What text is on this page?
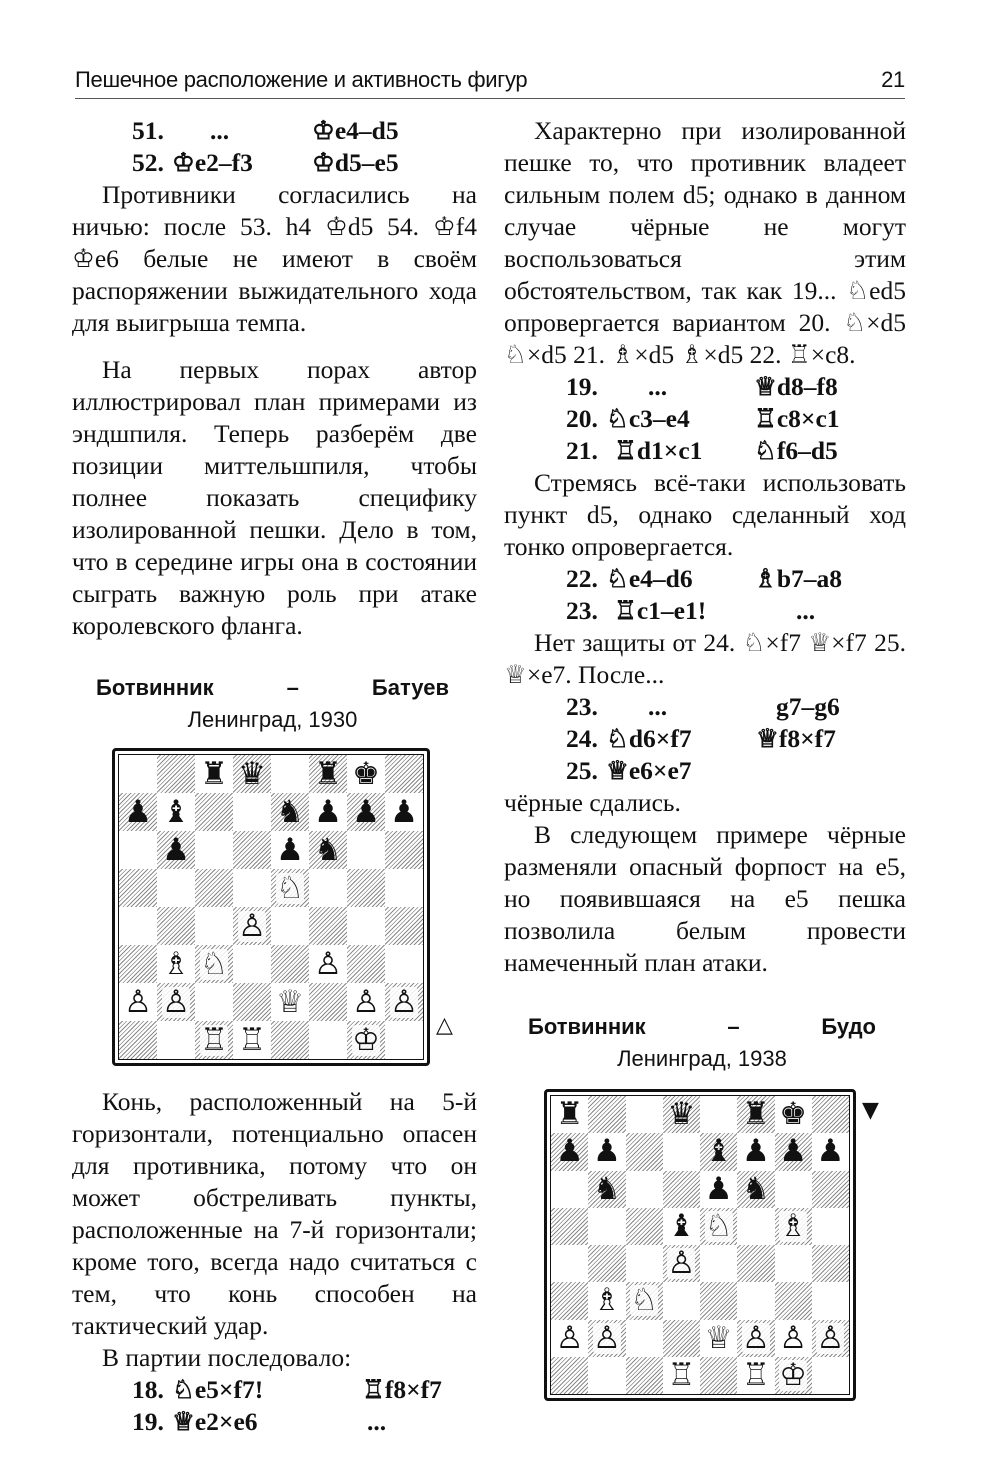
Пешечное расположение и активность фигур	21
51.	...	♔e4–d5
52. ♔e2–f3	♔d5–e5

Противники согласились на ничью: после 53. h4 ♔d5 54. ♔f4 ♔e6 белые не имеют в своём распоряжении выжидательного хода для выигрыша темпа.

На первых порах автор иллюстрировал план примерами из эндшпиля. Теперь разберём две позиции миттельшпиля, чтобы полнее показать специфику изолированной пешки. Дело в том, что в середине игры она в состоянии сыграть важную роль при атаке королевского фланга.

Ботвинник	–	Батуев
Ленинград, 1930
♜ ♛ ♜ ♚
♟ ♝	♞ ♟ ♟ ♟
♟	♟ ♞
♘
♙
♗ ♘	♙
♙ ♙	♕ ♙ ♙
♖ ♖	♔	△

Конь, расположенный на 5-й горизонтали, потенциально опасен для противника, потому что он может обстреливать пункты, расположенные на 7-й горизонтали; кроме того, всегда надо считаться с тем, что конь способен на тактический удар.

В партии последовало:

18. ♘e5×f7!	♖f8×f7
19. ♕e2×e6	...

Характерно при изолированной пешке то, что противник владеет сильным полем d5; однако в данном случае чёрные не могут воспользоваться этим обстоятельством, так как 19... ♘ed5 опровергается вариантом 20. ♘×d5 ♘×d5 21. ♗×d5 ♗×d5 22. ♖×c8.

19.	...	♕d8–f8
20. ♘c3–e4	♖c8×c1
21. ♖d1×c1	♘f6–d5

Стремясь всё-таки использовать пункт d5, однако сделанный ход тонко опровергается.

22. ♘e4–d6	♗b7–a8
23. ♖c1–e1!	...

Нет защиты от 24. ♘×f7 ♕×f7 25. ♕×e7. После...

23.	...	g7–g6
24. ♘d6×f7	♕f8×f7
25. ♕e6×e7

чёрные сдались.

В следующем примере чёрные разменяли опасный форпост на e5, но появившаяся на e5 пешка позволила белым провести намеченный план атаки.

Ботвинник	–	Будо
Ленинград, 1938
♜	♛ ♜ ♚
♟ ♟	♝ ♟ ♟ ♟
♞	♟ ♞
♝ ♘ ♗
♙
♗ ♘
♙ ♙	♕ ♙ ♙ ♙
♖ ♖ ♔
▼
